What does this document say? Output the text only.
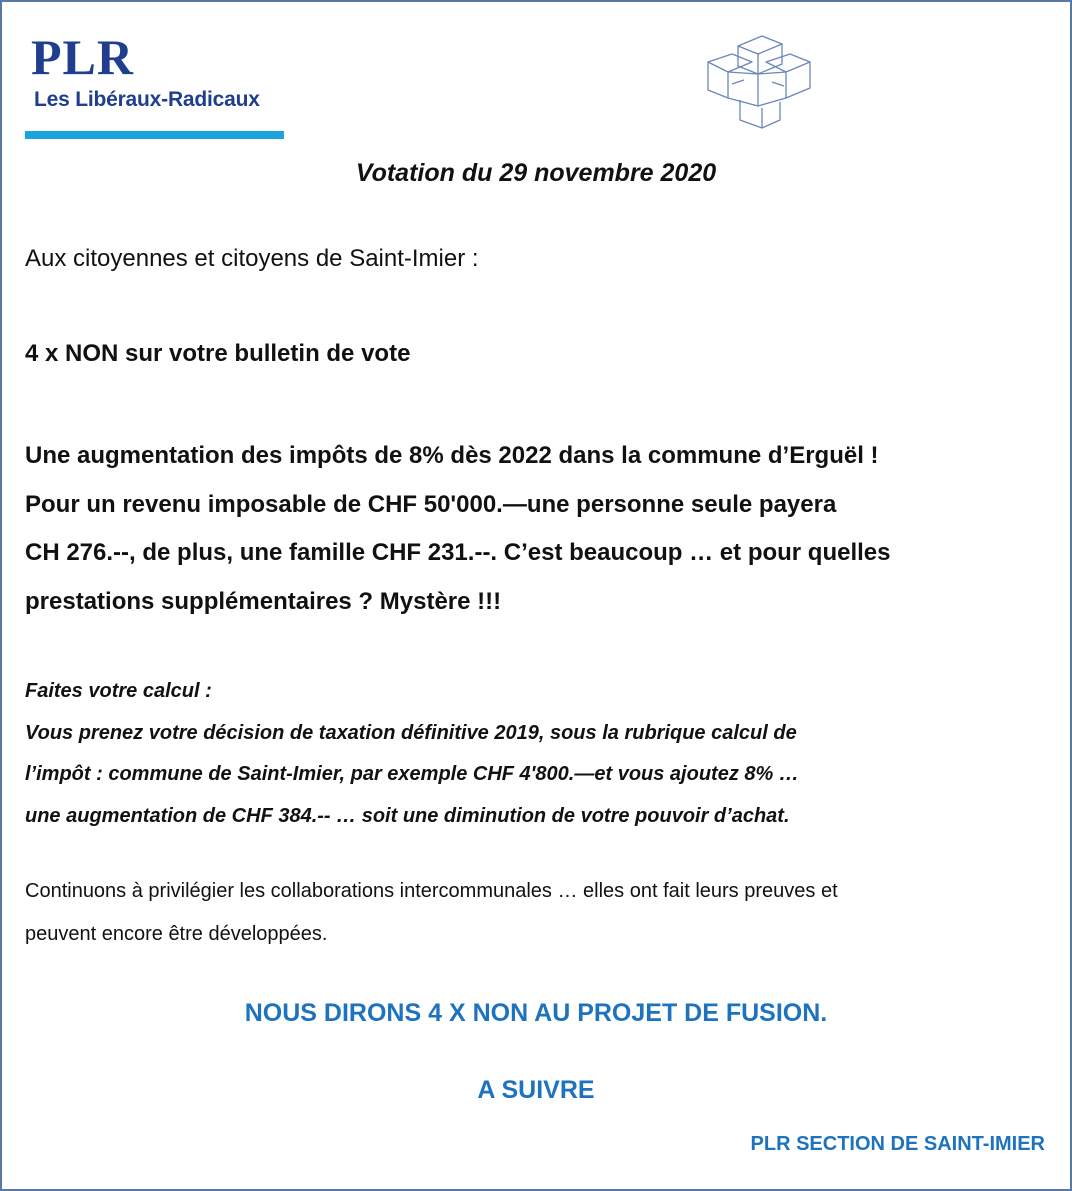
PLR
Les Libéraux-Radicaux
Votation du 29 novembre 2020

Aux citoyennes et citoyens de Saint-Imier :

4 x NON sur votre bulletin de vote

Une augmentation des impôts de 8% dès 2022 dans la commune d’Erguël !
Pour un revenu imposable de CHF 50'000.—une personne seule payera
CH 276.--, de plus, une famille CHF 231.--. C’est beaucoup … et pour quelles
prestations supplémentaires ? Mystère !!!
Faites votre calcul :
Vous prenez votre décision de taxation définitive 2019, sous la rubrique calcul de
l’impôt : commune de Saint-Imier, par exemple CHF 4'800.—et vous ajoutez 8% …
une augmentation de CHF 384.-- … soit une diminution de votre pouvoir d’achat.
Continuons à privilégier les collaborations intercommunales … elles ont fait leurs preuves et
peuvent encore être développées.
NOUS DIRONS 4 X NON AU PROJET DE FUSION.
A SUIVRE
PLR SECTION DE SAINT-IMIER
